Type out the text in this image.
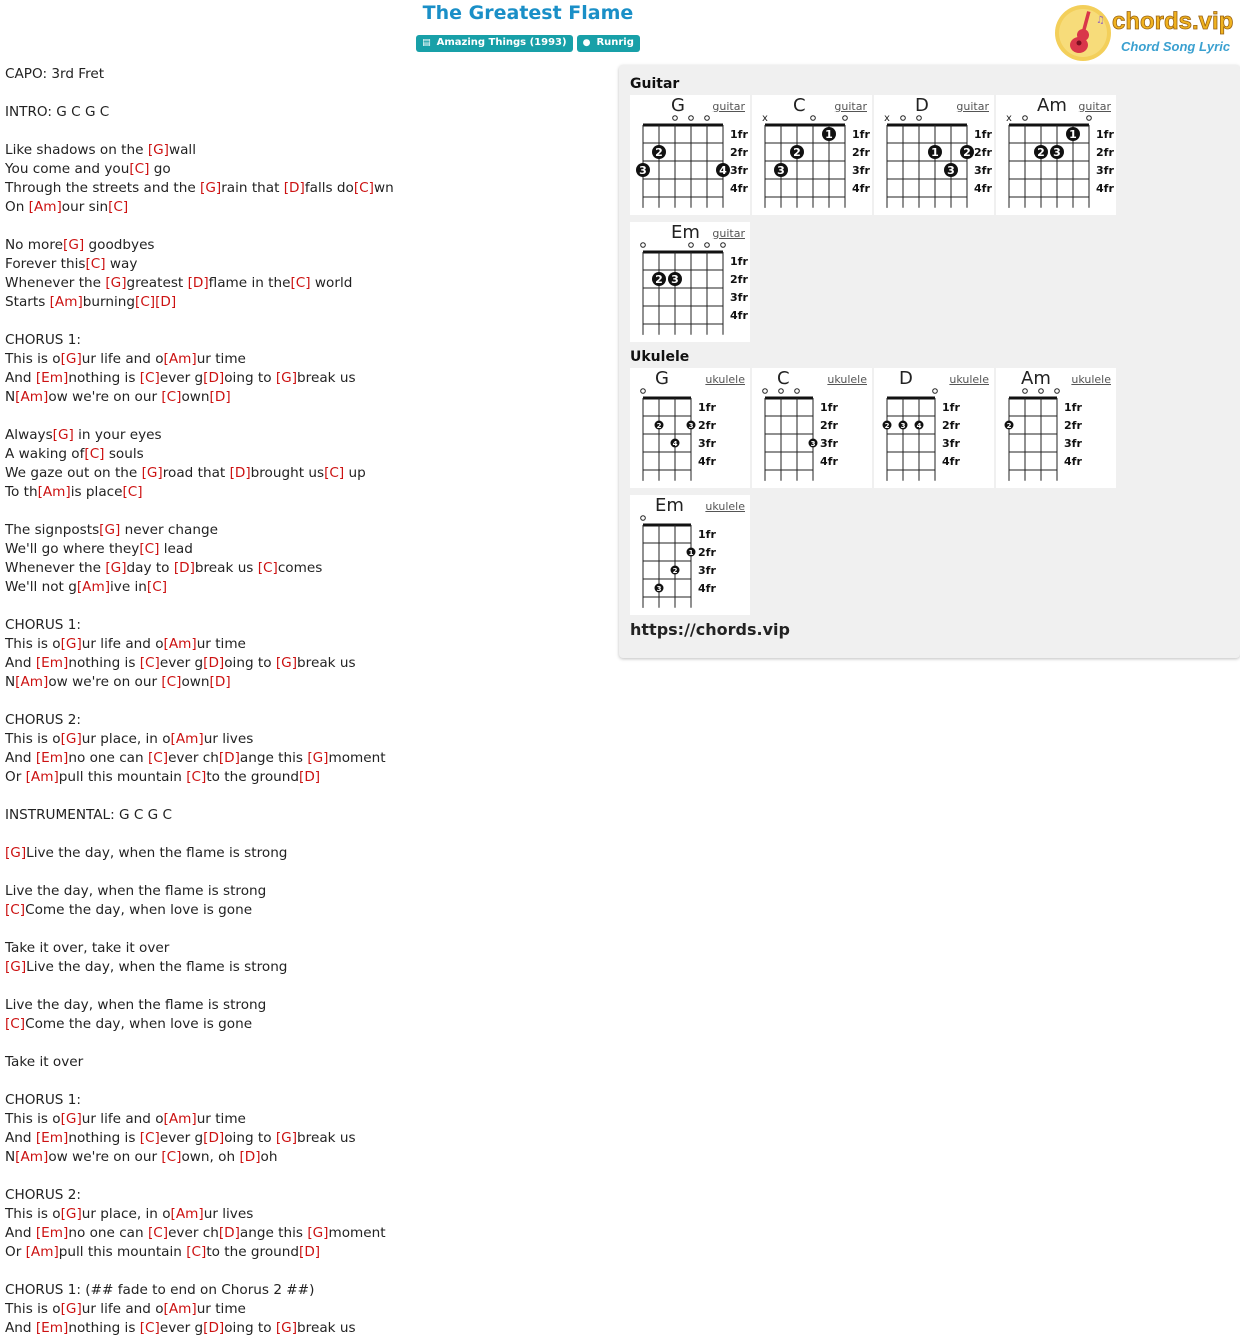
The Greatest Flame
▤ Amazing Things (1993) ● Runrig
♫ chords.vip
Chord Song Lyric
CAPO: 3rd Fret
INTRO: G C G C
Like shadows on the [G]wall
You come and you[C] go
Through the streets and the [G]rain that [D]falls do[C]wn
On [Am]our sin[C]
No more[G] goodbyes
Forever this[C] way
Whenever the [G]greatest [D]flame in the[C] world
Starts [Am]burning[C][D]
CHORUS 1:
This is o[G]ur life and o[Am]ur time
And [Em]nothing is [C]ever g[D]oing to [G]break us
N[Am]ow we're on our [C]own[D]
Always[G] in your eyes
A waking of[C] souls
We gaze out on the [G]road that [D]brought us[C] up
To th[Am]is place[C]
The signposts[G] never change
We'll go where they[C] lead
Whenever the [G]day to [D]break us [C]comes
We'll not g[Am]ive in[C]
CHORUS 1:
This is o[G]ur life and o[Am]ur time
And [Em]nothing is [C]ever g[D]oing to [G]break us
N[Am]ow we're on our [C]own[D]
CHORUS 2:
This is o[G]ur place, in o[Am]ur lives
And [Em]no one can [C]ever ch[D]ange this [G]moment
Or [Am]pull this mountain [C]to the ground[D]
INSTRUMENTAL: G C G C
[G]Live the day, when the flame is strong
Live the day, when the flame is strong
[C]Come the day, when love is gone
Take it over, take it over
[G]Live the day, when the flame is strong
Live the day, when the flame is strong
[C]Come the day, when love is gone
Take it over
CHORUS 1:
This is o[G]ur life and o[Am]ur time
And [Em]nothing is [C]ever g[D]oing to [G]break us
N[Am]ow we're on our [C]own, oh [D]oh
CHORUS 2:
This is o[G]ur place, in o[Am]ur lives
And [Em]no one can [C]ever ch[D]ange this [G]moment
Or [Am]pull this mountain [C]to the ground[D]
CHORUS 1: (## fade to end on Chorus 2 ##)
This is o[G]ur life and o[Am]ur time
And [Em]nothing is [C]ever g[D]oing to [G]break us
Guitar
Ukulele
G guitar
1fr
2fr
3fr
4fr
2
3	4
C	guitar
x
1fr
2fr
3fr
4fr
1
2
3
D	guitar
x
1fr
2fr
3fr
4fr
1 2
3
Am guitar
x
1fr
2fr
3fr
4fr
1
2 3
Em guitar
1fr
2fr
3fr
4fr
2 3
G	ukulele
1fr
2fr
3fr
4fr
2	3
4
C	ukulele
1fr
2fr
3fr
4fr
3
D	ukulele
1fr
2fr
3fr
4fr
2 3 4
Am ukulele
1fr
2fr
3fr
4fr
2
Em ukulele
1fr
2fr
3fr
4fr
1
2
3
https://chords.vip
